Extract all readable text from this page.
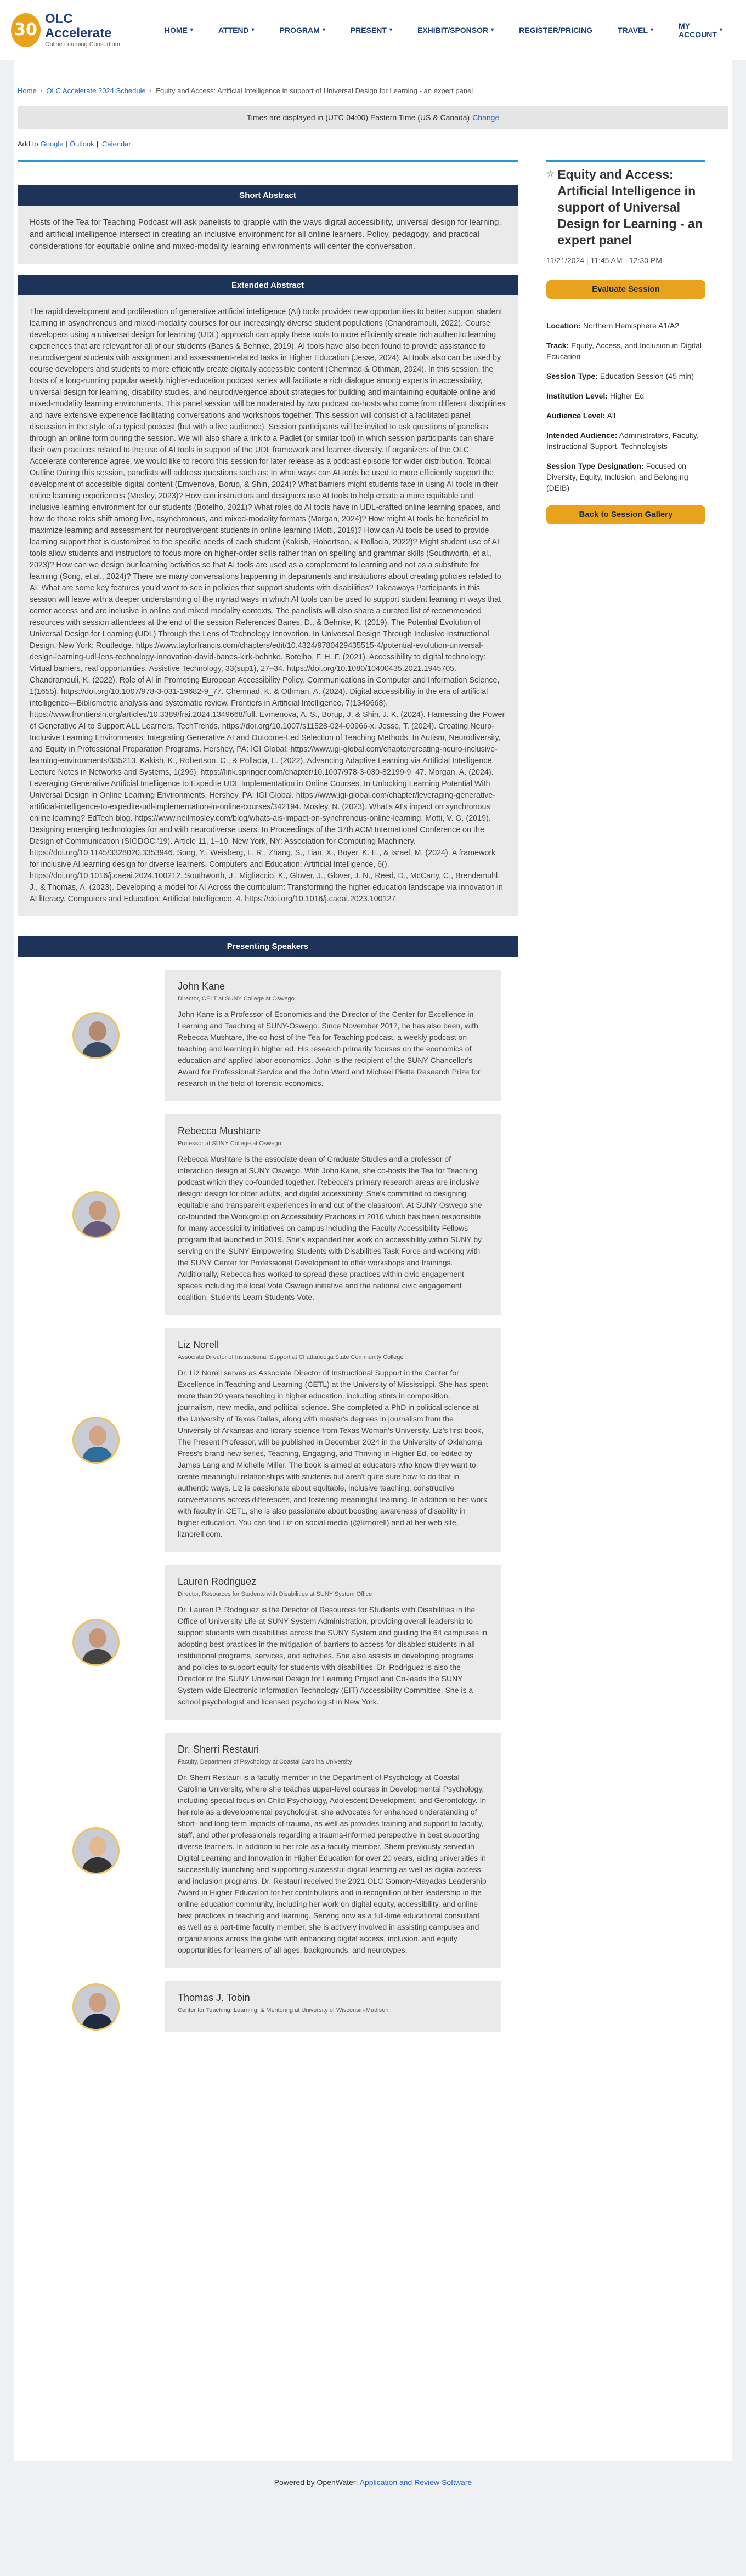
30
OLC Accelerate
Online Learning Consortium
HOME ▾	ATTEND ▾	PROGRAM ▾	PRESENT ▾	EXHIBIT/SPONSOR ▾	REGISTER/PRICING	TRAVEL ▾	MY ACCOUNT ▾
Home / OLC Accelerate 2024 Schedule / Equity and Access: Artificial Intelligence in support of Universal Design for Learning - an expert panel
Times are displayed in (UTC-04:00) Eastern Time (US & Canada) Change
Add to Google | Outlook | iCalendar
Short Abstract

Hosts of the Tea for Teaching Podcast will ask panelists to grapple with the ways digital accessibility, universal design for learning, and artificial intelligence intersect in creating an inclusive environment for all online learners. Policy, pedagogy, and practical considerations for equitable online and mixed-modality learning environments will center the conversation.

Extended Abstract

The rapid development and proliferation of generative artificial intelligence (AI) tools provides new opportunities to better support student learning in asynchronous and mixed-modality courses for our increasingly diverse student populations (Chandramouli, 2022). Course developers using a universal design for learning (UDL) approach can apply these tools to more efficiently create rich authentic learning experiences that are relevant for all of our students (Banes & Behnke, 2019). AI tools have also been found to provide assistance to neurodivergent students with assignment and assessment-related tasks in Higher Education (Jesse, 2024). AI tools also can be used by course developers and students to more efficiently create digitally accessible content (Chemnad & Othman, 2024). In this session, the hosts of a long-running popular weekly higher-education podcast series will facilitate a rich dialogue among experts in accessibility, universal design for learning, disability studies, and neurodivergence about strategies for building and maintaining equitable online and mixed-modality learning environments. This panel session will be moderated by two podcast co-hosts who come from different disciplines and have extensive experience facilitating conversations and workshops together. This session will consist of a facilitated panel discussion in the style of a typical podcast (but with a live audience). Session participants will be invited to ask questions of panelists through an online form during the session. We will also share a link to a Padlet (or similar tool) in which session participants can share their own practices related to the use of AI tools in support of the UDL framework and learner diversity. If organizers of the OLC Accelerate conference agree, we would like to record this session for later release as a podcast episode for wider distribution. Topical Outline During this session, panelists will address questions such as: In what ways can AI tools be used to more efficiently support the development of accessible digital content (Emvenova, Borup, & Shin, 2024)? What barriers might students face in using AI tools in their online learning experiences (Mosley, 2023)? How can instructors and designers use AI tools to help create a more equitable and inclusive learning environment for our students (Botelho, 2021)? What roles do AI tools have in UDL-crafted online learning spaces, and how do those roles shift among live, asynchronous, and mixed-modality formats (Morgan, 2024)? How might AI tools be beneficial to maximize learning and assessment for neurodivergent students in online learning (Motti, 2019)? How can AI tools be used to provide learning support that is customized to the specific needs of each student (Kakish, Robertson, & Pollacia, 2022)? Might student use of AI tools allow students and instructors to focus more on higher-order skills rather than on spelling and grammar skills (Southworth, et al., 2023)? How can we design our learning activities so that AI tools are used as a complement to learning and not as a substitute for learning (Song, et al., 2024)? There are many conversations happening in departments and institutions about creating policies related to AI. What are some key features you'd want to see in policies that support students with disabilities? Takeaways Participants in this session will leave with a deeper understanding of the myriad ways in which AI tools can be used to support student learning in ways that center access and are inclusive in online and mixed modality contexts. The panelists will also share a curated list of recommended resources with session attendees at the end of the session References Banes, D., & Behnke, K. (2019). The Potential Evolution of Universal Design for Learning (UDL) Through the Lens of Technology Innovation. In Universal Design Through Inclusive Instructional Design. New York: Routledge. https://www.taylorfrancis.com/chapters/edit/10.4324/9780429435515-4/potential-evolution-universal-design-learning-udl-lens-technology-innovation-david-banes-kirk-behnke. Botelho, F. H. F. (2021). Accessibility to digital technology: Virtual barriers, real opportunities. Assistive Technology, 33(sup1), 27–34. https://doi.org/10.1080/10400435.2021.1945705. Chandramouli, K. (2022). Role of AI in Promoting European Accessibility Policy. Communications in Computer and Information Science, 1(1655). https://doi.org/10.1007/978-3-031-19682-9_77. Chemnad, K. & Othman, A. (2024). Digital accessibility in the era of artificial intelligence—Bibliometric analysis and systematic review. Frontiers in Artificial Intelligence, 7(1349668). https://www.frontiersin.org/articles/10.3389/frai.2024.1349668/full. Evmenova, A. S., Borup, J. & Shin, J. K. (2024). Harnessing the Power of Generative AI to Support ALL Learners. TechTrends. https://doi.org/10.1007/s11528-024-00966-x. Jesse, T. (2024). Creating Neuro-Inclusive Learning Environments: Integrating Generative AI and Outcome-Led Selection of Teaching Methods. In Autism, Neurodiversity, and Equity in Professional Preparation Programs. Hershey, PA: IGI Global. https://www.igi-global.com/chapter/creating-neuro-inclusive-learning-environments/335213. Kakish, K., Robertson, C., & Pollacia, L. (2022). Advancing Adaptive Learning via Artificial Intelligence. Lecture Notes in Networks and Systems, 1(296). https://link.springer.com/chapter/10.1007/978-3-030-82199-9_47. Morgan, A. (2024). Leveraging Generative Artificial Intelligence to Expedite UDL Implementation in Online Courses. In Unlocking Learning Potential With Universal Design in Online Learning Environments. Hershey, PA: IGI Global. https://www.igi-global.com/chapter/leveraging-generative-artificial-intelligence-to-expedite-udl-implementation-in-online-courses/342194. Mosley, N. (2023). What's AI's impact on synchronous online learning? EdTech blog. https://www.neilmosley.com/blog/whats-ais-impact-on-synchronous-online-learning. Motti, V. G. (2019). Designing emerging technologies for and with neurodiverse users. In Proceedings of the 37th ACM International Conference on the Design of Communication (SIGDOC '19). Article 11, 1–10. New York, NY: Association for Computing Machinery. https://doi.org/10.1145/3328020.3353946. Song, Y., Weisberg, L. R., Zhang, S., Tian, X., Boyer, K. E., & Israel, M. (2024). A framework for inclusive AI learning design for diverse learners. Computers and Education: Artificial Intelligence, 6(). https://doi.org/10.1016/j.caeai.2024.100212. Southworth, J., Migliaccio, K., Glover, J., Glover, J. N., Reed, D., McCarty, C., Brendemuhl, J., & Thomas, A. (2023). Developing a model for AI Across the curriculum: Transforming the higher education landscape via innovation in AI literacy. Computers and Education: Artificial Intelligence, 4. https://doi.org/10.1016/j.caeai.2023.100127.

Presenting Speakers
John Kane
Director, CELT at SUNY College at Oswego
John Kane is a Professor of Economics and the Director of the Center for Excellence in Learning and Teaching at SUNY-Oswego. Since November 2017, he has also been, with Rebecca Mushtare, the co-host of the Tea for Teaching podcast, a weekly podcast on teaching and learning in higher ed. His research primarily focuses on the economics of education and applied labor economics. John is the recipient of the SUNY Chancellor's Award for Professional Service and the John Ward and Michael Piette Research Prize for research in the field of forensic economics.
Rebecca Mushtare
Professor at SUNY College at Oswego
Rebecca Mushtare is the associate dean of Graduate Studies and a professor of interaction design at SUNY Oswego. With John Kane, she co-hosts the Tea for Teaching podcast which they co-founded together. Rebecca's primary research areas are inclusive design: design for older adults, and digital accessibility. She's committed to designing equitable and transparent experiences in and out of the classroom. At SUNY Oswego she co-founded the Workgroup on Accessibility Practices in 2016 which has been responsible for many accessibility initiatives on campus including the Faculty Accessibility Fellows program that launched in 2019. She's expanded her work on accessibility within SUNY by serving on the SUNY Empowering Students with Disabilities Task Force and working with the SUNY Center for Professional Development to offer workshops and trainings. Additionally, Rebecca has worked to spread these practices within civic engagement spaces including the local Vote Oswego initiative and the national civic engagement coalition, Students Learn Students Vote.
Liz Norell
Associate Director of Instructional Support at Chattanooga State Community College
Dr. Liz Norell serves as Associate Director of Instructional Support in the Center for Excellence in Teaching and Learning (CETL) at the University of Mississippi. She has spent more than 20 years teaching in higher education, including stints in composition, journalism, new media, and political science. She completed a PhD in political science at the University of Texas Dallas, along with master's degrees in journalism from the University of Arkansas and library science from Texas Woman's University. Liz's first book, The Present Professor, will be published in December 2024 in the University of Oklahoma Press's brand-new series, Teaching, Engaging, and Thriving in Higher Ed, co-edited by James Lang and Michelle Miller. The book is aimed at educators who know they want to create meaningful relationships with students but aren't quite sure how to do that in authentic ways. Liz is passionate about equitable, inclusive teaching, constructive conversations across differences, and fostering meaningful learning. In addition to her work with faculty in CETL, she is also passionate about boosting awareness of disability in higher education. You can find Liz on social media (@liznorell) and at her web site, liznorell.com.
Lauren Rodriguez
Director, Resources for Students with Disabilities at SUNY System Office
Dr. Lauren P. Rodriguez is the Director of Resources for Students with Disabilities in the Office of University Life at SUNY System Administration, providing overall leadership to support students with disabilities across the SUNY System and guiding the 64 campuses in adopting best practices in the mitigation of barriers to access for disabled students in all institutional programs, services, and activities. She also assists in developing programs and policies to support equity for students with disabilities. Dr. Rodriguez is also the Director of the SUNY Universal Design for Learning Project and Co-leads the SUNY System-wide Electronic Information Technology (EIT) Accessibility Committee. She is a school psychologist and licensed psychologist in New York.
Dr. Sherri Restauri
Faculty, Department of Psychology at Coastal Carolina University
Dr. Sherri Restauri is a faculty member in the Department of Psychology at Coastal Carolina University, where she teaches upper-level courses in Developmental Psychology, including special focus on Child Psychology, Adolescent Development, and Gerontology. In her role as a developmental psychologist, she advocates for enhanced understanding of short- and long-term impacts of trauma, as well as provides training and support to faculty, staff, and other professionals regarding a trauma-informed perspective in best supporting diverse learners. In addition to her role as a faculty member, Sherri previously served in Digital Learning and Innovation in Higher Education for over 20 years, aiding universities in successfully launching and supporting successful digital learning as well as digital access and inclusion programs. Dr. Restauri received the 2021 OLC Gomory-Mayadas Leadership Award in Higher Education for her contributions and in recognition of her leadership in the online education community, including her work on digital equity, accessibility, and online best practices in teaching and learning. Serving now as a full-time educational consultant as well as a part-time faculty member, she is actively involved in assisting campuses and organizations across the globe with enhancing digital access, inclusion, and equity opportunities for learners of all ages, backgrounds, and neurotypes.
Thomas J. Tobin
Center for Teaching, Learning, & Mentoring at University of Wisconsin-Madison
☆ Equity and Access: Artificial Intelligence in support of Universal Design for Learning - an expert panel
11/21/2024 | 11:45 AM - 12:30 PM
Evaluate Session
Location: Northern Hemisphere A1/A2
Track: Equity, Access, and Inclusion in Digital Education
Session Type: Education Session (45 min)
Institution Level: Higher Ed
Audience Level: All
Intended Audience: Administrators, Faculty, Instructional Support, Technologists
Session Type Designation: Focused on Diversity, Equity, Inclusion, and Belonging (DEIB)
Back to Session Gallery
Powered by OpenWater: Application and Review Software
